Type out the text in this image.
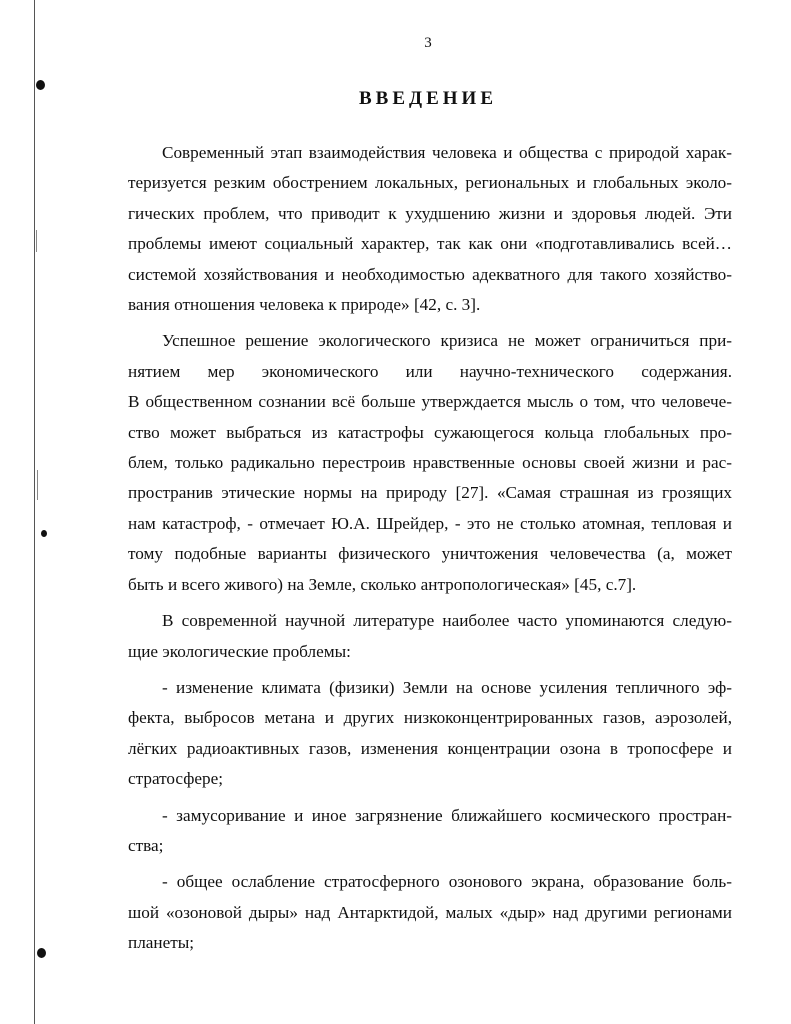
3
ВВЕДЕНИЕ

Современный этап взаимодействия человека и общества с природой харак-
теризуется резким обострением локальных, региональных и глобальных эколо-
гических проблем, что приводит к ухудшению жизни и здоровья людей. Эти
проблемы имеют социальный характер, так как они «подготавливались всей…
системой хозяйствования и необходимостью адекватного для такого хозяйство-
вания отношения человека к природе» [42, с. 3].

Успешное решение экологического кризиса не может ограничиться при-
нятием мер экономического или научно-технического содержания.
В общественном сознании всё больше утверждается мысль о том, что человече-
ство может выбраться из катастрофы сужающегося кольца глобальных про-
блем, только радикально перестроив нравственные основы своей жизни и рас-
пространив этические нормы на природу [27]. «Самая страшная из грозящих
нам катастроф, - отмечает Ю.А. Шрейдер, - это не столько атомная, тепловая и
тому подобные варианты физического уничтожения человечества (а, может
быть и всего живого) на Земле, сколько антропологическая» [45, с.7].

В современной научной литературе наиболее часто упоминаются следую-
щие экологические проблемы:

- изменение климата (физики) Земли на основе усиления тепличного эф-
фекта, выбросов метана и других низкоконцентрированных газов, аэрозолей,
лёгких радиоактивных газов, изменения концентрации озона в тропосфере и
стратосфере;

- замусоривание и иное загрязнение ближайшего космического простран-
ства;

- общее ослабление стратосферного озонового экрана, образование боль-
шой «озоновой дыры» над Антарктидой, малых «дыр» над другими регионами
планеты;
